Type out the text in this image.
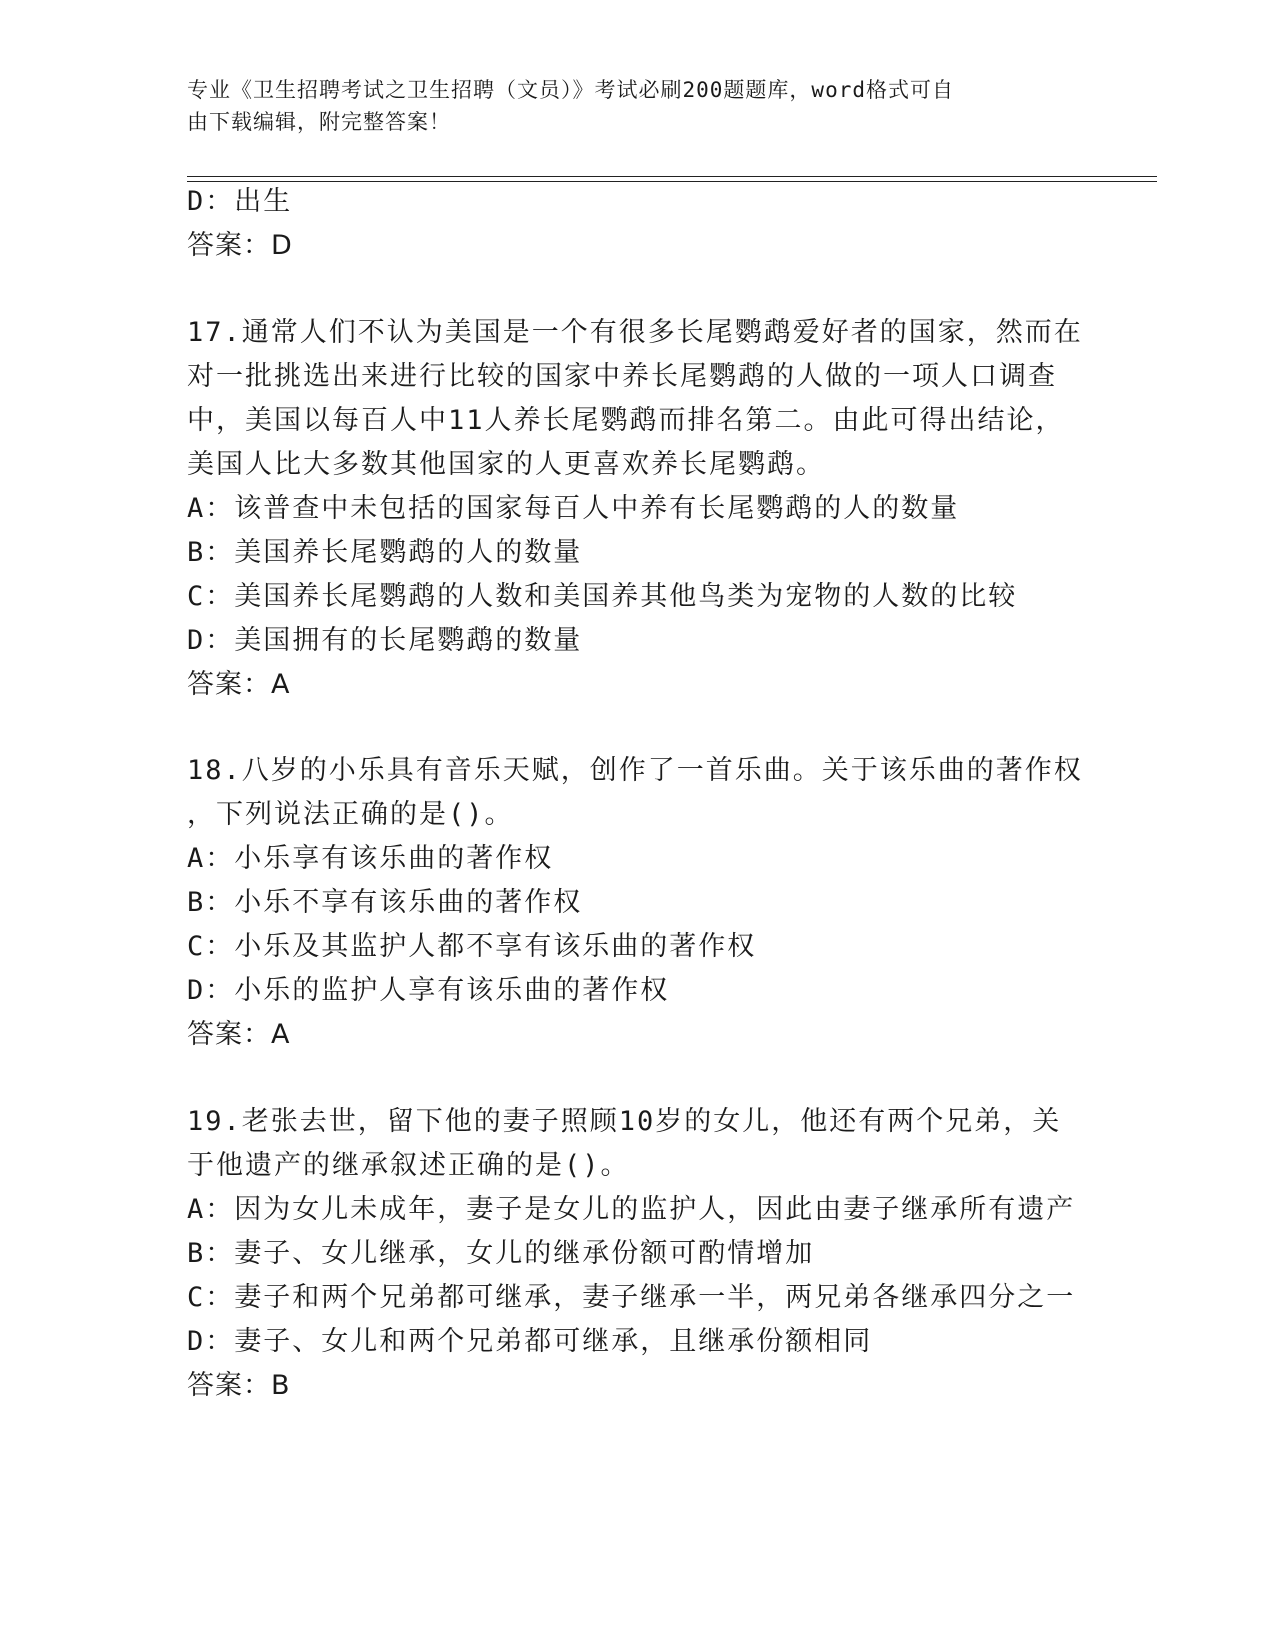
专业《卫生招聘考试之卫生招聘（文员）》考试必刷200题题库，word格式可自
由下载编辑，附完整答案！
D：出生
答案：D
17.通常人们不认为美国是一个有很多长尾鹦鹉爱好者的国家，然而在
对一批挑选出来进行比较的国家中养长尾鹦鹉的人做的一项人口调查
中，美国以每百人中11人养长尾鹦鹉而排名第二。由此可得出结论，
美国人比大多数其他国家的人更喜欢养长尾鹦鹉。
A：该普查中未包括的国家每百人中养有长尾鹦鹉的人的数量
B：美国养长尾鹦鹉的人的数量
C：美国养长尾鹦鹉的人数和美国养其他鸟类为宠物的人数的比较
D：美国拥有的长尾鹦鹉的数量
答案：A
18.八岁的小乐具有音乐天赋，创作了一首乐曲。关于该乐曲的著作权
，下列说法正确的是()。
A：小乐享有该乐曲的著作权
B：小乐不享有该乐曲的著作权
C：小乐及其监护人都不享有该乐曲的著作权
D：小乐的监护人享有该乐曲的著作权
答案：A
19.老张去世，留下他的妻子照顾10岁的女儿，他还有两个兄弟，关
于他遗产的继承叙述正确的是()。
A：因为女儿未成年，妻子是女儿的监护人，因此由妻子继承所有遗产
B：妻子、女儿继承，女儿的继承份额可酌情增加
C：妻子和两个兄弟都可继承，妻子继承一半，两兄弟各继承四分之一
D：妻子、女儿和两个兄弟都可继承，且继承份额相同
答案：B
